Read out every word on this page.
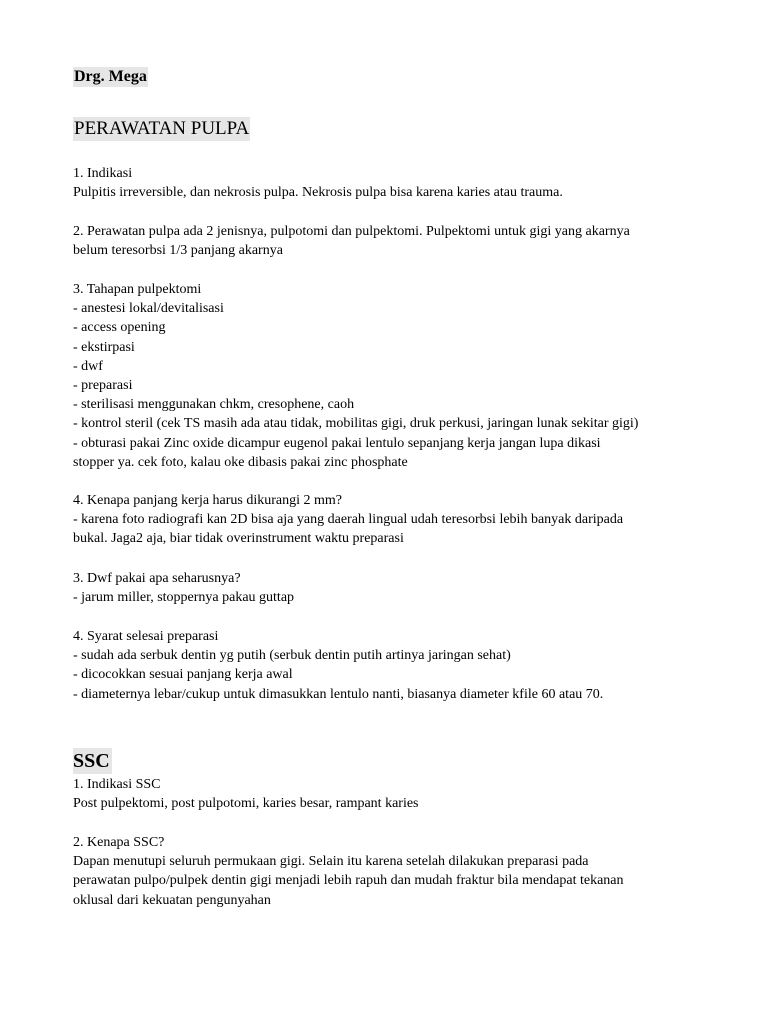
Drg. Mega
PERAWATAN PULPA
1. Indikasi
Pulpitis irreversible, dan nekrosis pulpa. Nekrosis pulpa bisa karena karies atau trauma.
2. Perawatan pulpa ada 2 jenisnya, pulpotomi dan pulpektomi. Pulpektomi untuk gigi yang akarnya
belum teresorbsi 1/3 panjang akarnya
3. Tahapan pulpektomi
- anestesi lokal/devitalisasi
- access opening
- ekstirpasi
- dwf
- preparasi
- sterilisasi menggunakan chkm, cresophene, caoh
- kontrol steril (cek TS masih ada atau tidak, mobilitas gigi, druk perkusi, jaringan lunak sekitar gigi)
- obturasi pakai Zinc oxide dicampur eugenol pakai lentulo sepanjang kerja jangan lupa dikasi
stopper ya. cek foto, kalau oke dibasis pakai zinc phosphate
4. Kenapa panjang kerja harus dikurangi 2 mm?
- karena foto radiografi kan 2D bisa aja yang daerah lingual udah teresorbsi lebih banyak daripada
bukal. Jaga2 aja, biar tidak overinstrument waktu preparasi
3. Dwf pakai apa seharusnya?
- jarum miller, stoppernya pakau guttap
4. Syarat selesai preparasi
- sudah ada serbuk dentin yg putih (serbuk dentin putih artinya jaringan sehat)
- dicocokkan sesuai panjang kerja awal
- diameternya lebar/cukup untuk dimasukkan lentulo nanti, biasanya diameter kfile 60 atau 70.
SSC
1. Indikasi SSC
Post pulpektomi, post pulpotomi, karies besar, rampant karies
2. Kenapa SSC?
Dapan menutupi seluruh permukaan gigi. Selain itu karena setelah dilakukan preparasi pada
perawatan pulpo/pulpek dentin gigi menjadi lebih rapuh dan mudah fraktur bila mendapat tekanan
oklusal dari kekuatan pengunyahan
